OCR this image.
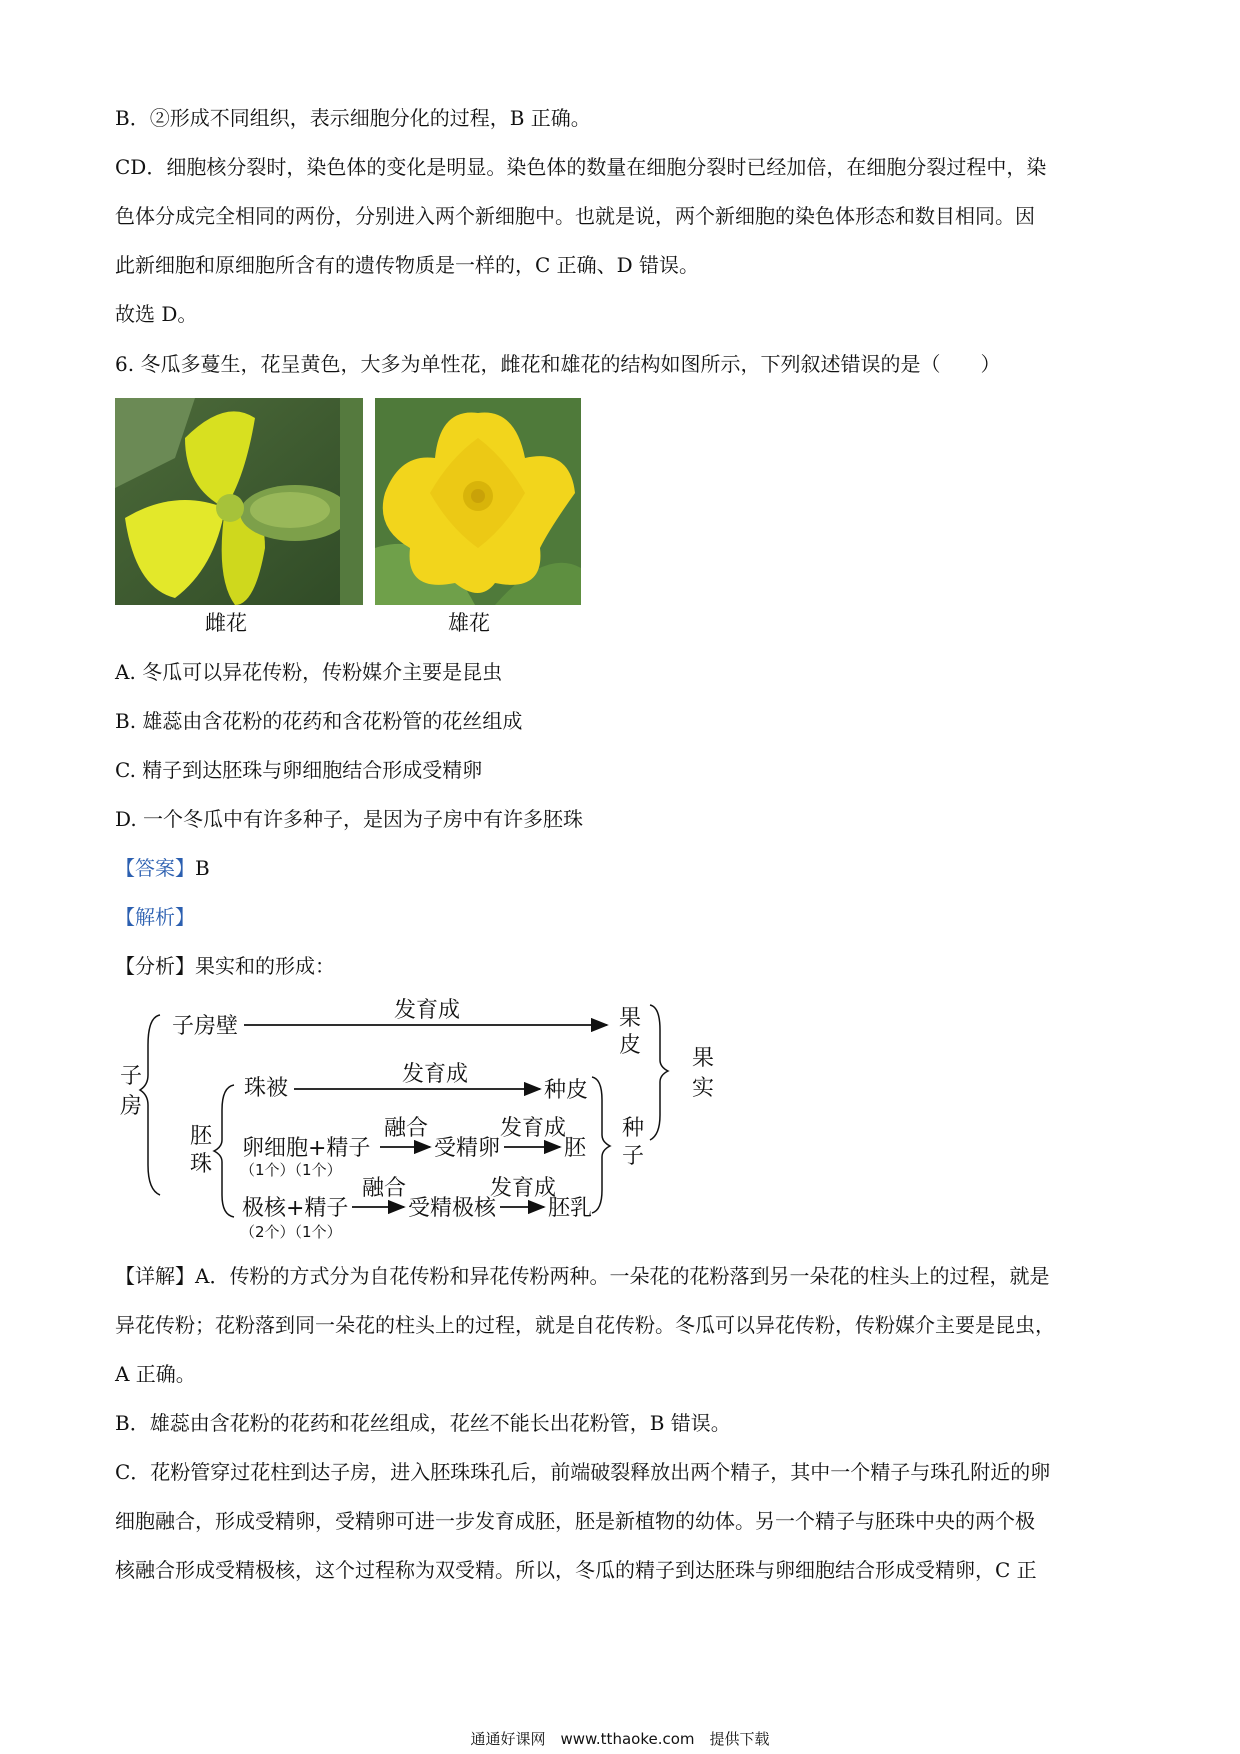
B．②形成不同组织，表示细胞分化的过程，B 正确。
CD．细胞核分裂时，染色体的变化是明显。染色体的数量在细胞分裂时已经加倍，在细胞分裂过程中，染
色体分成完全相同的两份，分别进入两个新细胞中。也就是说，两个新细胞的染色体形态和数目相同。因
此新细胞和原细胞所含有的遗传物质是一样的，C 正确、D 错误。
故选 D。
6. 冬瓜多蔓生，花呈黄色，大多为单性花，雌花和雄花的结构如图所示，下列叙述错误的是（　　）
雌花	雄花
A. 冬瓜可以异花传粉，传粉媒介主要是昆虫
B. 雄蕊由含花粉的花药和含花粉管的花丝组成
C. 精子到达胚珠与卵细胞结合形成受精卵
D. 一个冬瓜中有许多种子，是因为子房中有许多胚珠
【答案】B
【解析】
【分析】果实和的形成：
子
房
子房壁
发育成	果
皮
果
实
胚
珠
珠被
发育成
种皮
卵细胞+精子
（1个）（1个）
融合
受精卵
发育成
胚
种
子
极核+精子
（2个）（1个）
融合
受精极核
发育成
胚乳
【详解】A．传粉的方式分为自花传粉和异花传粉两种。一朵花的花粉落到另一朵花的柱头上的过程，就是
异花传粉；花粉落到同一朵花的柱头上的过程，就是自花传粉。冬瓜可以异花传粉，传粉媒介主要是昆虫，
A 正确。
B．雄蕊由含花粉的花药和花丝组成，花丝不能长出花粉管，B 错误。
C．花粉管穿过花柱到达子房，进入胚珠珠孔后，前端破裂释放出两个精子，其中一个精子与珠孔附近的卵
细胞融合，形成受精卵，受精卵可进一步发育成胚，胚是新植物的幼体。另一个精子与胚珠中央的两个极
核融合形成受精极核，这个过程称为双受精。所以，冬瓜的精子到达胚珠与卵细胞结合形成受精卵，C 正
通通好课网　www.tthaoke.com　提供下载
